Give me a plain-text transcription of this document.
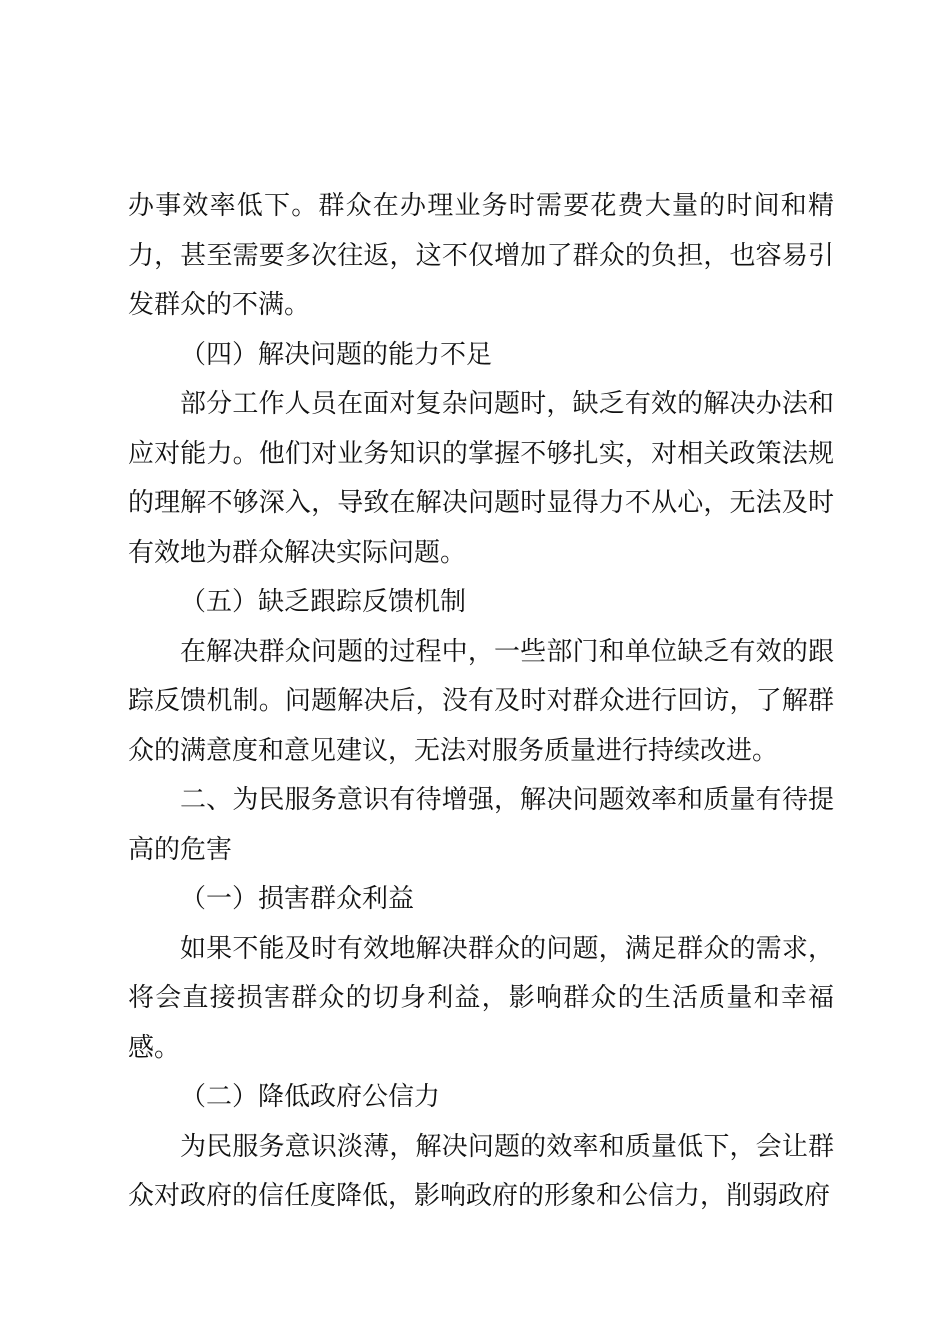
办事效率低下。群众在办理业务时需要花费大量的时间和精力，甚至需要多次往返，这不仅增加了群众的负担，也容易引发群众的不满。

（四）解决问题的能力不足

部分工作人员在面对复杂问题时，缺乏有效的解决办法和应对能力。他们对业务知识的掌握不够扎实，对相关政策法规的理解不够深入，导致在解决问题时显得力不从心，无法及时有效地为群众解决实际问题。

（五）缺乏跟踪反馈机制

在解决群众问题的过程中，一些部门和单位缺乏有效的跟踪反馈机制。问题解决后，没有及时对群众进行回访，了解群众的满意度和意见建议，无法对服务质量进行持续改进。

二、为民服务意识有待增强，解决问题效率和质量有待提高的危害

（一）损害群众利益

如果不能及时有效地解决群众的问题，满足群众的需求，将会直接损害群众的切身利益，影响群众的生活质量和幸福感。

（二）降低政府公信力

为民服务意识淡薄，解决问题的效率和质量低下，会让群众对政府的信任度降低，影响政府的形象和公信力，削弱政府
